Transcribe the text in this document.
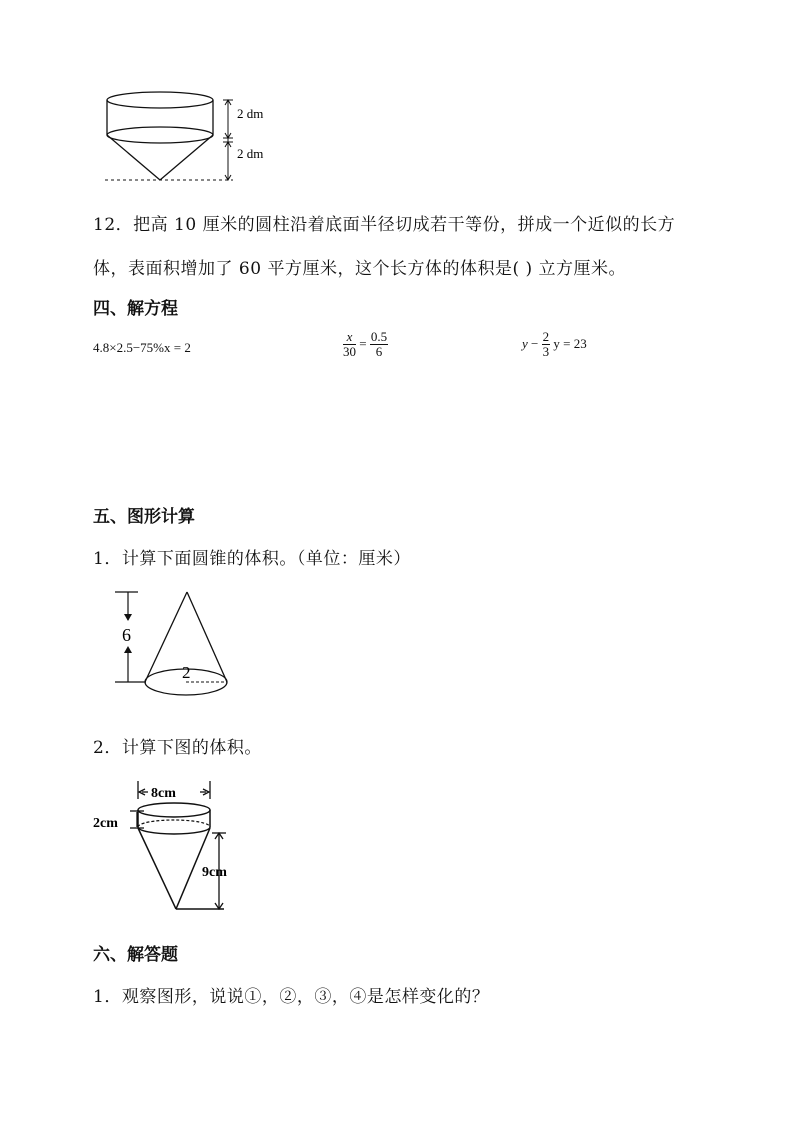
2 dm
2 dm
12．把高 10 厘米的圆柱沿着底面半径切成若干等份，拼成一个近似的长方
体，表面积增加了 60 平方厘米，这个长方体的体积是( ) 立方厘米。
四、解方程
4.8×2.5−75%x = 2	$\frac{x}{30} = \frac{0.5}{6}$	$y - \frac{2}{3}$ y = 23
五、图形计算
1．计算下面圆锥的体积。（单位：厘米）
6
2
2．计算下图的体积。
8cm
2cm
9cm
六、解答题
1．观察图形，说说①，②，③，④是怎样变化的？
